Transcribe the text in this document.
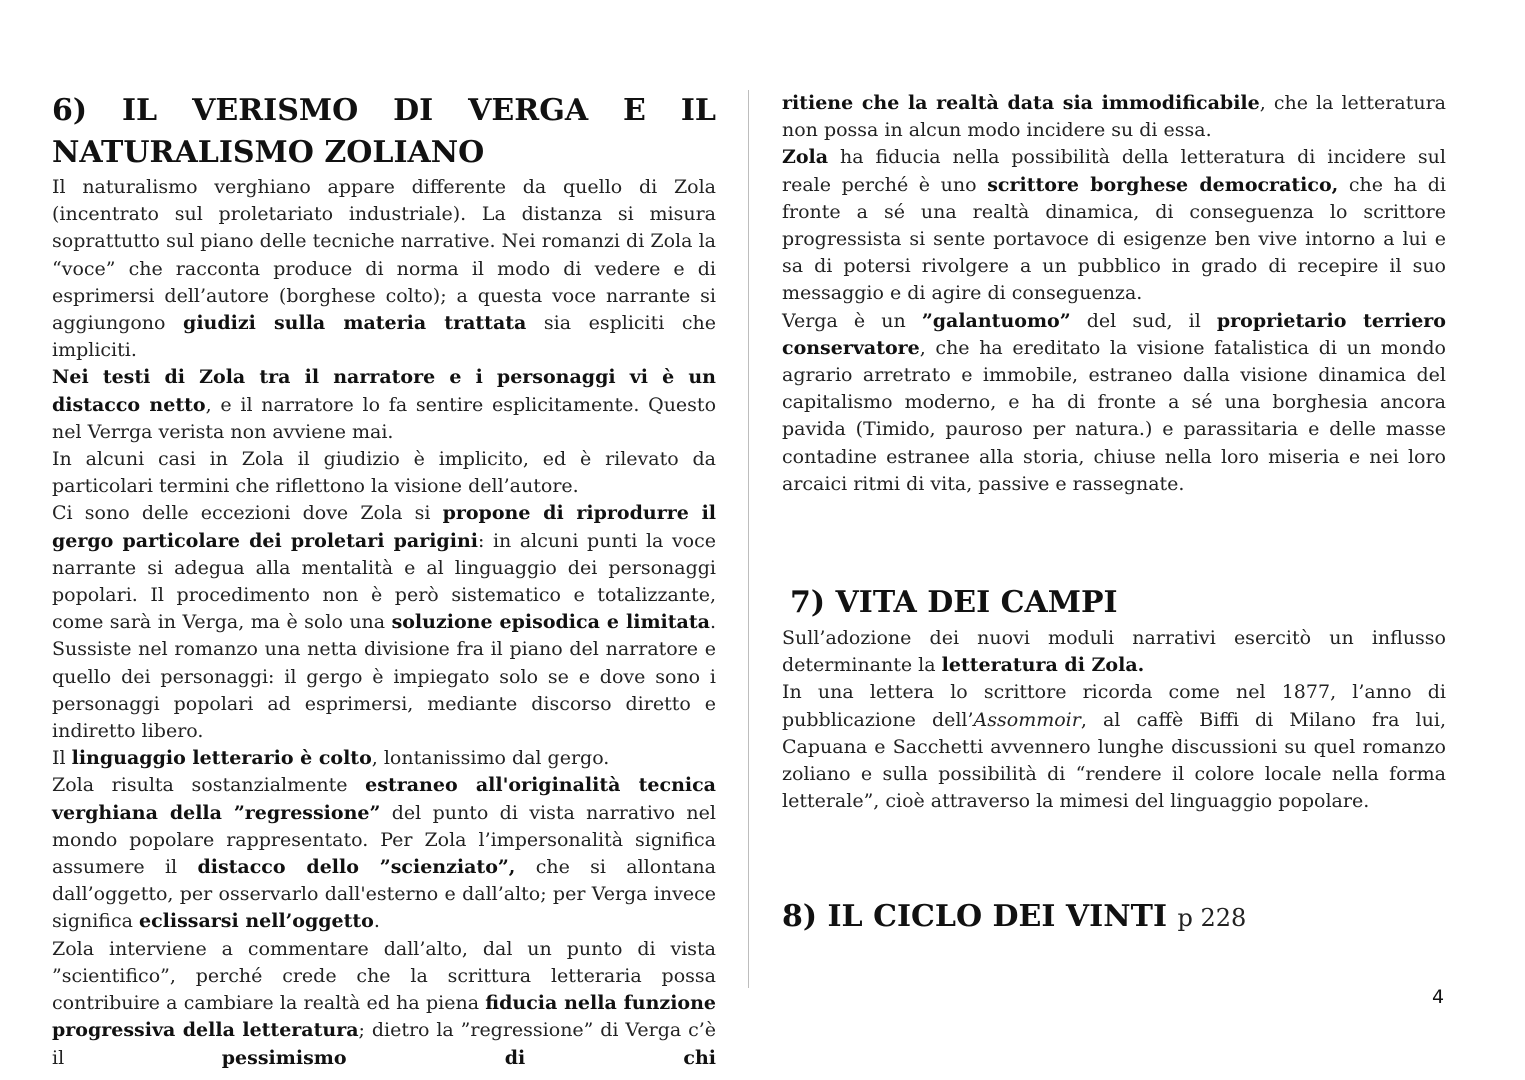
6) IL VERISMO DI VERGA E IL
NATURALISMO ZOLIANO

Il naturalismo verghiano appare differente da quello di Zola (incentrato sul proletariato industriale). La distanza si misura soprattutto sul piano delle tecniche narrative. Nei romanzi di Zola la “voce” che racconta produce di norma il modo di vedere e di esprimersi dell’autore (borghese colto); a questa voce narrante si aggiungono giudizi sulla materia trattata sia espliciti che impliciti.

Nei testi di Zola tra il narratore e i personaggi vi è un distacco netto, e il narratore lo fa sentire esplicitamente. Questo nel Verrga verista non avviene mai.

In alcuni casi in Zola il giudizio è implicito, ed è rilevato da particolari termini che riflettono la visione dell’autore.

Ci sono delle eccezioni dove Zola si propone di riprodurre il gergo particolare dei proletari parigini: in alcuni punti la voce narrante si adegua alla mentalità e al linguaggio dei personaggi popolari. Il procedimento non è però sistematico e totalizzante, come sarà in Verga, ma è solo una soluzione episodica e limitata. Sussiste nel romanzo una netta divisione fra il piano del narratore e quello dei personaggi: il gergo è impiegato solo se e dove sono i personaggi popolari ad esprimersi, mediante discorso diretto e indiretto libero.

Il linguaggio letterario è colto, lontanissimo dal gergo.

Zola risulta sostanzialmente estraneo all'originalità tecnica verghiana della ”regressione” del punto di vista narrativo nel mondo popolare rappresentato. Per Zola l’impersonalità significa assumere il distacco dello ”scienziato”, che si allontana dall’oggetto, per osservarlo dall'esterno e dall’alto; per Verga invece significa eclissarsi nell’oggetto.

Zola interviene a commentare dall’alto, dal un punto di vista ”scientifico”, perché crede che la scrittura letteraria possa contribuire a cambiare la realtà ed ha piena fiducia nella funzione progressiva della letteratura; dietro la ”regressione” di Verga c’è il pessimismo di chi

ritiene che la realtà data sia immodificabile, che la letteratura non possa in alcun modo incidere su di essa.

Zola ha fiducia nella possibilità della letteratura di incidere sul reale perché è uno scrittore borghese democratico, che ha di fronte a sé una realtà dinamica, di conseguenza lo scrittore progressista si sente portavoce di esigenze ben vive intorno a lui e sa di potersi rivolgere a un pubblico in grado di recepire il suo messaggio e di agire di conseguenza.

Verga è un ”galantuomo” del sud, il proprietario terriero conservatore, che ha ereditato la visione fatalistica di un mondo agrario arretrato e immobile, estraneo dalla visione dinamica del capitalismo moderno, e ha di fronte a sé una borghesia ancora pavida (Timido, pauroso per natura.) e parassitaria e delle masse contadine estranee alla storia, chiuse nella loro miseria e nei loro arcaici ritmi di vita, passive e rassegnate.

7) VITA DEI CAMPI

Sull’adozione dei nuovi moduli narrativi esercitò un influsso determinante la letteratura di Zola.

In una lettera lo scrittore ricorda come nel 1877, l’anno di pubblicazione dell’Assommoir, al caffè Biffi di Milano fra lui, Capuana e Sacchetti avvennero lunghe discussioni su quel romanzo zoliano e sulla possibilità di “rendere il colore locale nella forma letterale”, cioè attraverso la mimesi del linguaggio popolare.

8) IL CICLO DEI VINTI p 228
4
